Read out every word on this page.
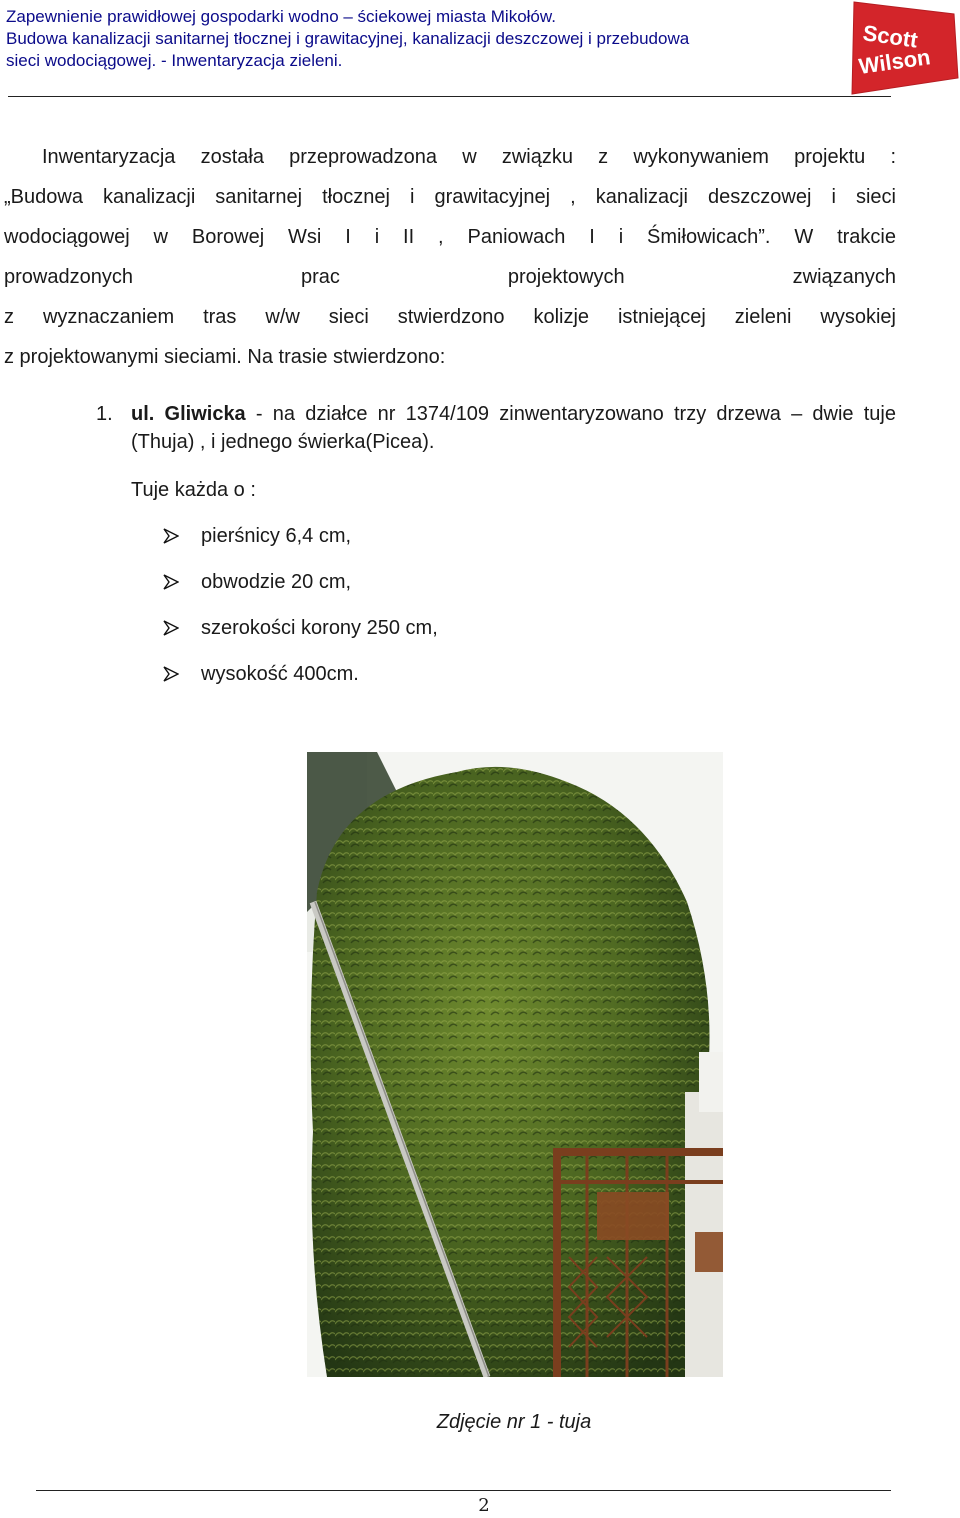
Zapewnienie prawidłowej gospodarki wodno – ściekowej miasta Mikołów.
Budowa kanalizacji sanitarnej tłocznej i grawitacyjnej, kanalizacji deszczowej i przebudowa
sieci wodociągowej. - Inwentaryzacja zieleni.
Scott
Wilson
Inwentaryzacja została przeprowadzona w związku z wykonywaniem projektu :
„Budowa kanalizacji sanitarnej tłocznej i grawitacyjnej , kanalizacji deszczowej i sieci
wodociągowej w Borowej Wsi I i II , Paniowach I i Śmiłowicach”. W trakcie
prowadzonych prac projektowych związanych
z wyznaczaniem tras w/w sieci stwierdzono kolizje istniejącej zieleni wysokiej
z projektowanymi sieciami. Na trasie stwierdzono:
1. ul. Gliwicka - na działce nr 1374/109 zinwentaryzowano trzy drzewa – dwie tuje (Thuja) , i jednego świerka(Picea).
Tuje każda o :
pierśnicy 6,4 cm,
obwodzie 20 cm,
szerokości korony 250 cm,
wysokość 400cm.
Zdjęcie nr 1 - tuja
2
